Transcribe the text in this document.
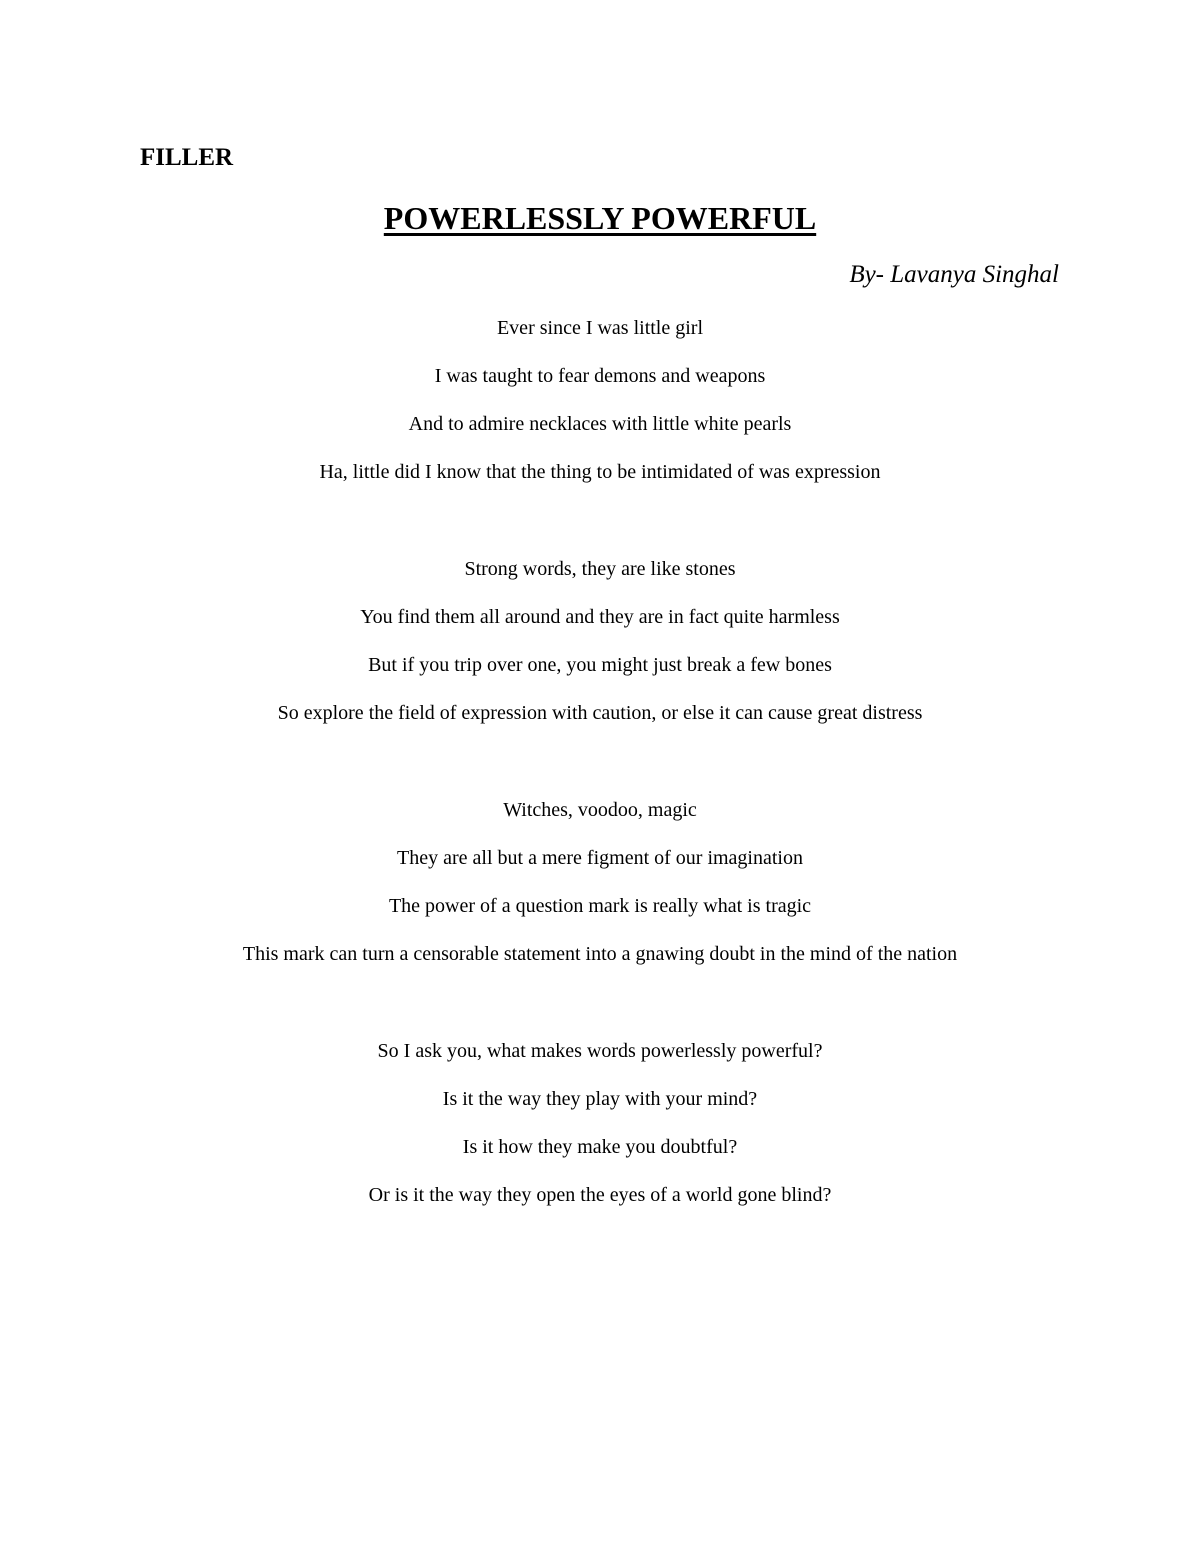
FILLER

POWERLESSLY POWERFUL

By- Lavanya Singhal

Ever since I was little girl
I was taught to fear demons and weapons
And to admire necklaces with little white pearls
Ha, little did I know that the thing to be intimidated of was expression
Strong words, they are like stones
You find them all around and they are in fact quite harmless
But if you trip over one, you might just break a few bones
So explore the field of expression with caution, or else it can cause great distress
Witches, voodoo, magic
They are all but a mere figment of our imagination
The power of a question mark is really what is tragic
This mark can turn a censorable statement into a gnawing doubt in the mind of the nation
So I ask you, what makes words powerlessly powerful?
Is it the way they play with your mind?
Is it how they make you doubtful?
Or is it the way they open the eyes of a world gone blind?
